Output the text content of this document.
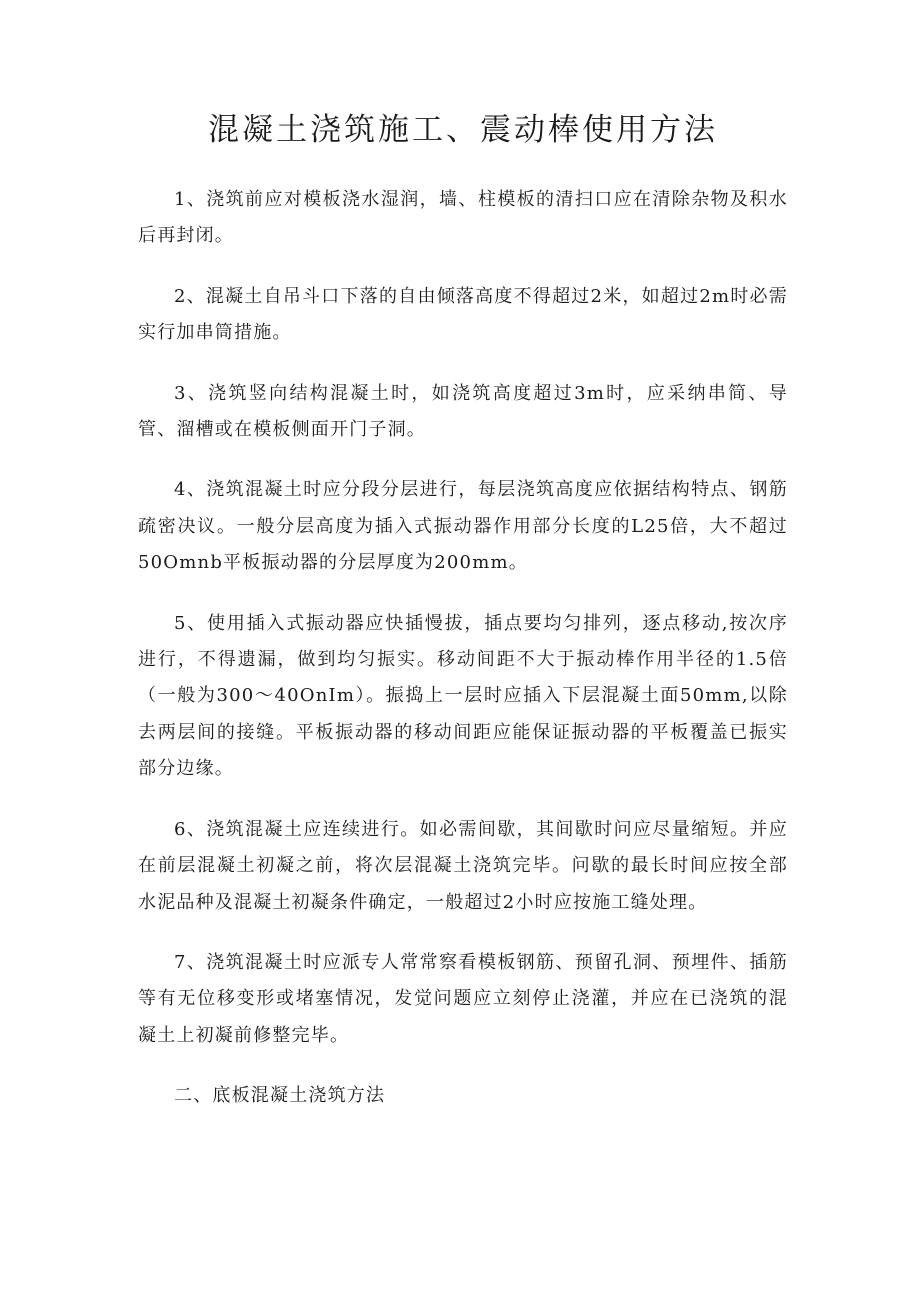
混凝土浇筑施工、震动棒使用方法

1、浇筑前应对模板浇水湿润，墙、柱模板的清扫口应在清除杂物及积水后再封闭。

2、混凝土自吊斗口下落的自由倾落高度不得超过2米，如超过2m时必需实行加串筒措施。

3、浇筑竖向结构混凝土时，如浇筑高度超过3m时，应采纳串简、导管、溜槽或在模板侧面开门子洞。

4、浇筑混凝土时应分段分层进行，每层浇筑高度应依据结构特点、钢筋疏密决议。一般分层高度为插入式振动器作用部分长度的L25倍，大不超过50Omnb平板振动器的分层厚度为200mm。

5、使用插入式振动器应快插慢拔，插点要均匀排列，逐点移动,按次序进行，不得遗漏，做到均匀振实。移动间距不大于振动棒作用半径的1.5倍（一般为300～40OnIm）。振捣上一层时应插入下层混凝土面50mm,以除去两层间的接缝。平板振动器的移动间距应能保证振动器的平板覆盖已振实部分边缘。

6、浇筑混凝土应连续进行。如必需间歇，其间歇时问应尽量缩短。并应在前层混凝土初凝之前，将次层混凝土浇筑完毕。问歇的最长时间应按全部水泥品种及混凝土初凝条件确定，一般超过2小时应按施工缝处理。

7、浇筑混凝土时应派专人常常察看模板钢筋、预留孔洞、预埋件、插筋等有无位移变形或堵塞情况，发觉问题应立刻停止浇灌，并应在已浇筑的混凝土上初凝前修整完毕。

二、底板混凝土浇筑方法
